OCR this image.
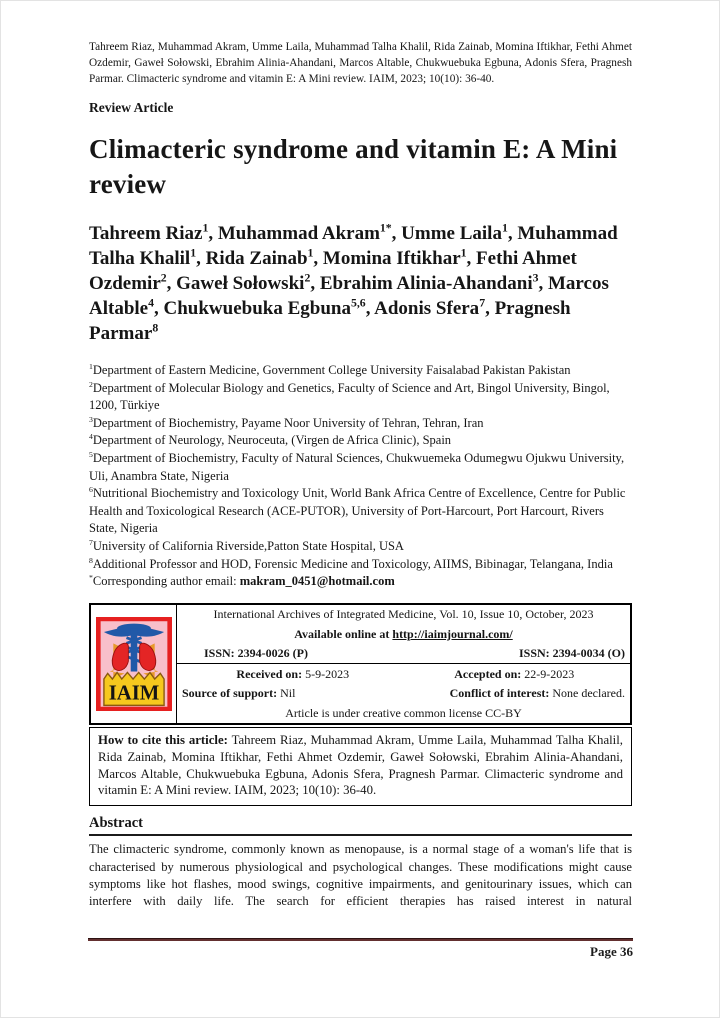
Tahreem Riaz, Muhammad Akram, Umme Laila, Muhammad Talha Khalil, Rida Zainab, Momina Iftikhar, Fethi Ahmet Ozdemir, Gaweł Sołowski, Ebrahim Alinia-Ahandani, Marcos Altable, Chukwuebuka Egbuna, Adonis Sfera, Pragnesh Parmar. Climacteric syndrome and vitamin E: A Mini review. IAIM, 2023; 10(10): 36-40.

Review Article

Climacteric syndrome and vitamin E: A Mini review

Tahreem Riaz$^1$, Muhammad Akram$^{1*}$, Umme Laila$^1$, Muhammad Talha Khalil$^1$, Rida Zainab$^1$, Momina Iftikhar$^1$, Fethi Ahmet Ozdemir$^2$, Gaweł Sołowski$^2$, Ebrahim Alinia-Ahandani$^3$, Marcos Altable$^4$, Chukwuebuka Egbuna$^{5,6}$, Adonis Sfera$^7$, Pragnesh Parmar$^8$

$^1$Department of Eastern Medicine, Government College University Faisalabad Pakistan Pakistan
$^2$Department of Molecular Biology and Genetics, Faculty of Science and Art, Bingol University, Bingol, 1200, Türkiye
$^3$Department of Biochemistry, Payame Noor University of Tehran, Tehran, Iran
$^4$Department of Neurology, Neuroceuta, (Virgen de Africa Clinic), Spain
$^5$Department of Biochemistry, Faculty of Natural Sciences, Chukwuemeka Odumegwu Ojukwu University, Uli, Anambra State, Nigeria
$^6$Nutritional Biochemistry and Toxicology Unit, World Bank Africa Centre of Excellence, Centre for Public Health and Toxicological Research (ACE-PUTOR), University of Port-Harcourt, Port Harcourt, Rivers State, Nigeria
$^7$University of California Riverside,Patton State Hospital, USA
$^8$Additional Professor and HOD, Forensic Medicine and Toxicology, AIIMS, Bibinagar, Telangana, India
*Corresponding author email: makram_0451@hotmail.com
IAIM
International Archives of Integrated Medicine, Vol. 10, Issue 10, October, 2023
Available online at http://iaimjournal.com/
ISSN: 2394-0026 (P)	ISSN: 2394-0034 (O)
Received on: 5-9-2023	Accepted on: 22-9-2023
Source of support: Nil	Conflict of interest: None declared.
Article is under creative common license CC-BY
How to cite this article: Tahreem Riaz, Muhammad Akram, Umme Laila, Muhammad Talha Khalil, Rida Zainab, Momina Iftikhar, Fethi Ahmet Ozdemir, Gaweł Sołowski, Ebrahim Alinia-Ahandani, Marcos Altable, Chukwuebuka Egbuna, Adonis Sfera, Pragnesh Parmar. Climacteric syndrome and vitamin E: A Mini review. IAIM, 2023; 10(10): 36-40.

Abstract

The climacteric syndrome, commonly known as menopause, is a normal stage of a woman's life that is characterised by numerous physiological and psychological changes. These modifications might cause symptoms like hot flashes, mood swings, cognitive impairments, and genitourinary issues, which can interfere with daily life. The search for efficient therapies has raised interest in natural

Page 36
